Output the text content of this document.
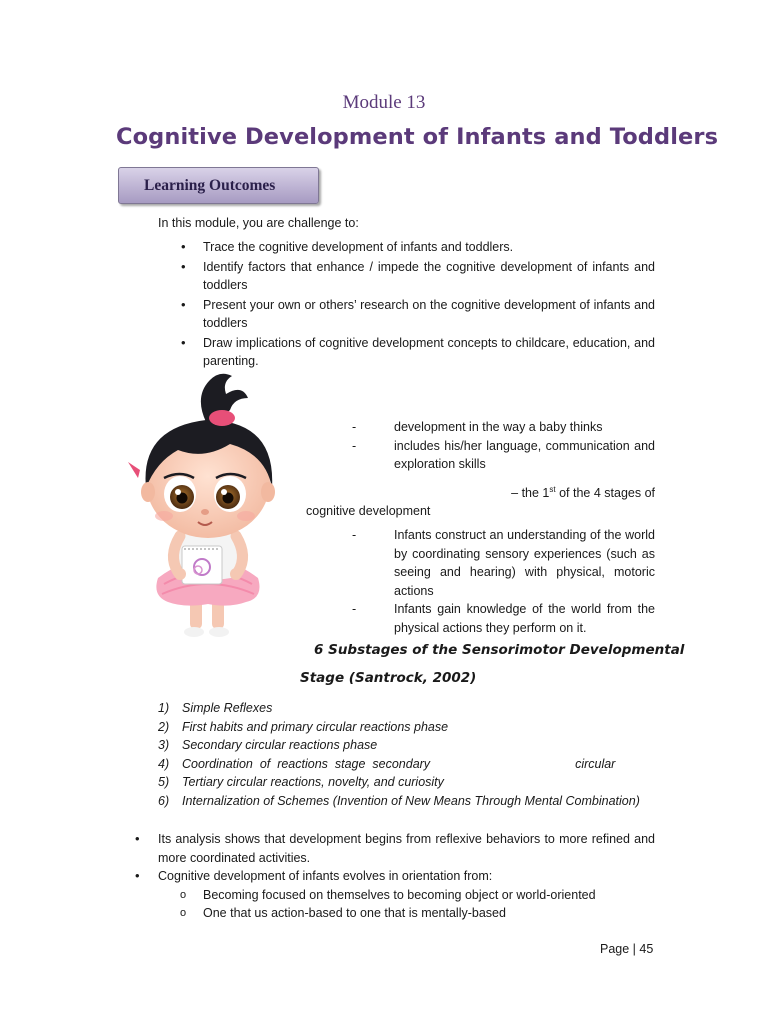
Module 13
Cognitive Development of Infants and Toddlers
Learning Outcomes
In this module, you are challenge to:
• Trace the cognitive development of infants and toddlers.
• Identify factors that enhance / impede the cognitive development of infants and toddlers
• Present your own or others’ research on the cognitive development of infants and toddlers
• Draw implications of cognitive development concepts to childcare, education, and parenting.
- development in the way a baby thinks
- includes his/her language, communication and exploration skills
– the 1st of the 4 stages of
cognitive development
- Infants construct an understanding of the world by coordinating sensory experiences (such as seeing and hearing) with physical, motoric actions
- Infants gain knowledge of the world from the physical actions they perform on it.
6 Substages of the Sensorimotor Developmental
Stage (Santrock, 2002)
1)	Simple Reflexes
2)	First habits and primary circular reactions phase
3)	Secondary circular reactions phase
4)	Coordination  of  reactions  stage  secondary	circular
5)	Tertiary circular reactions, novelty, and curiosity
6)	Internalization of Schemes (Invention of New Means Through Mental Combination)
• Its analysis shows that development begins from reflexive behaviors to more refined and more coordinated activities.
• Cognitive development of infants evolves in orientation from:
o Becoming focused on themselves to becoming object or world-oriented
o One that us action-based to one that is mentally-based
Page | 45
